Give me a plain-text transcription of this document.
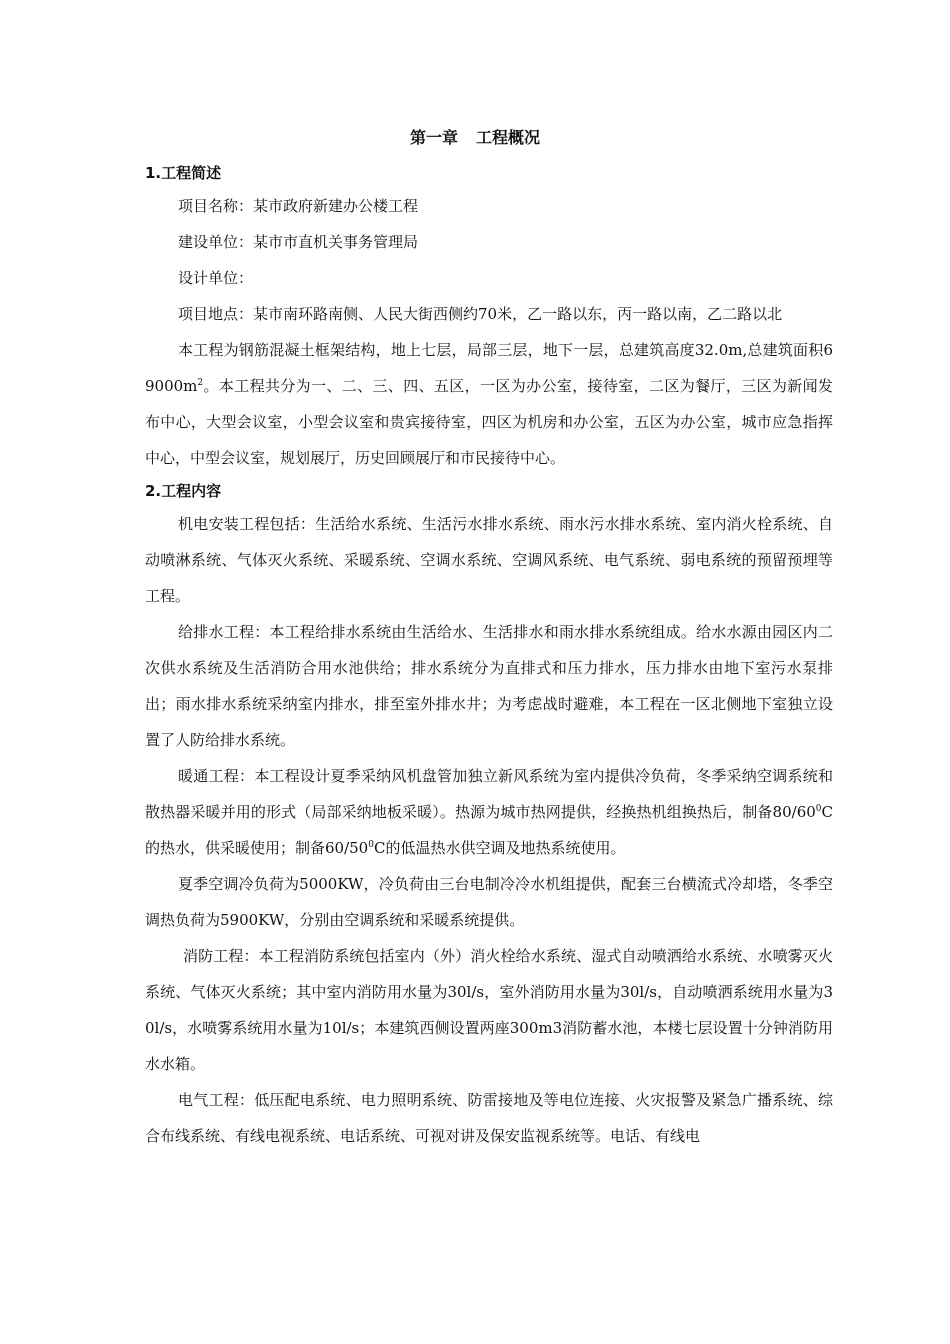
第一章 工程概况

1.工程简述

项目名称：某市政府新建办公楼工程

建设单位：某市市直机关事务管理局

设计单位：

项目地点：某市南环路南侧、人民大街西侧约70米，乙一路以东，丙一路以南，乙二路以北

本工程为钢筋混凝土框架结构，地上七层，局部三层，地下一层，总建筑高度32.0m,总建筑面积$69000m^2$。本工程共分为一、二、三、四、五区，一区为办公室，接待室，二区为餐厅，三区为新闻发布中心，大型会议室，小型会议室和贵宾接待室，四区为机房和办公室，五区为办公室，城市应急指挥中心，中型会议室，规划展厅，历史回顾展厅和市民接待中心。

2.工程内容

机电安装工程包括：生活给水系统、生活污水排水系统、雨水污水排水系统、室内消火栓系统、自动喷淋系统、气体灭火系统、采暖系统、空调水系统、空调风系统、电气系统、弱电系统的预留预埋等工程。

给排水工程：本工程给排水系统由生活给水、生活排水和雨水排水系统组成。给水水源由园区内二次供水系统及生活消防合用水池供给；排水系统分为直排式和压力排水，压力排水由地下室污水泵排出；雨水排水系统采纳室内排水，排至室外排水井；为考虑战时避难，本工程在一区北侧地下室独立设置了人防给排水系统。

暖通工程：本工程设计夏季采纳风机盘管加独立新风系统为室内提供冷负荷，冬季采纳空调系统和散热器采暖并用的形式（局部采纳地板采暖）。热源为城市热网提供，经换热机组换热后，制备$80/60^0C$的热水，供采暖使用；制备$60/50^0C$的低温热水供空调及地热系统使用。

夏季空调冷负荷为5000KW，冷负荷由三台电制冷冷水机组提供，配套三台横流式冷却塔，冬季空调热负荷为5900KW，分别由空调系统和采暖系统提供。

消防工程：本工程消防系统包括室内（外）消火栓给水系统、湿式自动喷洒给水系统、水喷雾灭火系统、气体灭火系统；其中室内消防用水量为30l/s，室外消防用水量为30l/s，自动喷洒系统用水量为30l/s，水喷雾系统用水量为10l/s；本建筑西侧设置两座300m3消防蓄水池，本楼七层设置十分钟消防用水水箱。

电气工程：低压配电系统、电力照明系统、防雷接地及等电位连接、火灾报警及紧急广播系统、综合布线系统、有线电视系统、电话系统、可视对讲及保安监视系统等。电话、有线电
